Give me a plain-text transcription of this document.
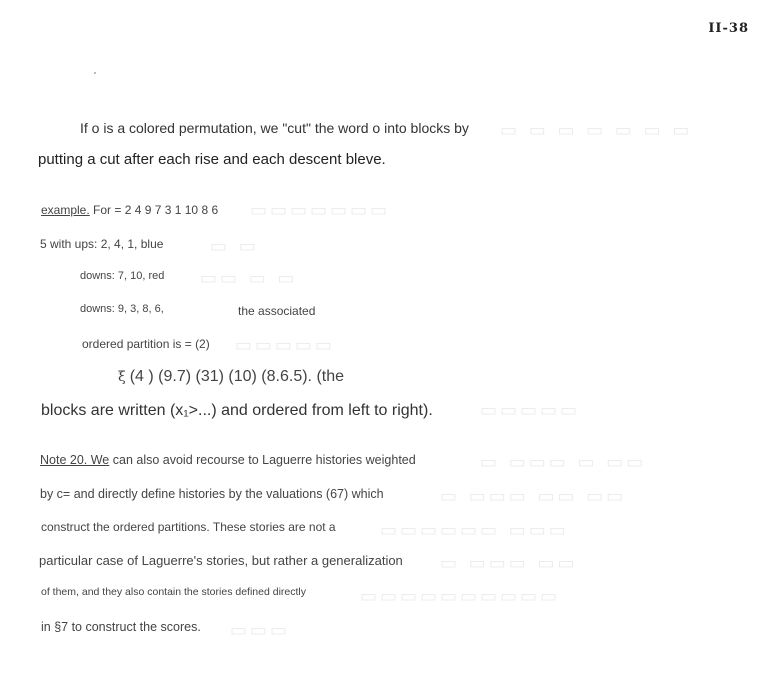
II-38
▭ ▭ ▭ ▭ ▭ ▭ ▭
▭▭▭▭▭▭▭
▭ ▭
▭▭ ▭ ▭
▭▭▭▭▭
▭▭▭▭▭
▭ ▭▭▭ ▭ ▭▭
▭ ▭▭▭ ▭▭ ▭▭
▭▭▭▭▭▭ ▭▭▭
▭ ▭▭▭ ▭▭
▭▭▭▭▭▭▭▭▭▭
▭▭▭
If o is a colored permutation, we "cut" the word o into blocks by
putting a cut after each rise and each descent bleve.
example. For = 2 4 9 7 3 1 10 8 6
5 with ups: 2, 4, 1, blue
downs: 7, 10, red
downs: 9, 3, 8, 6,	the associated
ordered partition is = (2)
ξ (4 ) (9.7) (31) (10) (8.6.5). (the
blocks are written (x₁>...) and ordered from left to right).
Note 20. We can also avoid recourse to Laguerre histories weighted
by c= and directly define histories by the valuations (67) which
construct the ordered partitions. These stories are not a
particular case of Laguerre's stories, but rather a generalization
of them, and they also contain the stories defined directly
in §7 to construct the scores.
